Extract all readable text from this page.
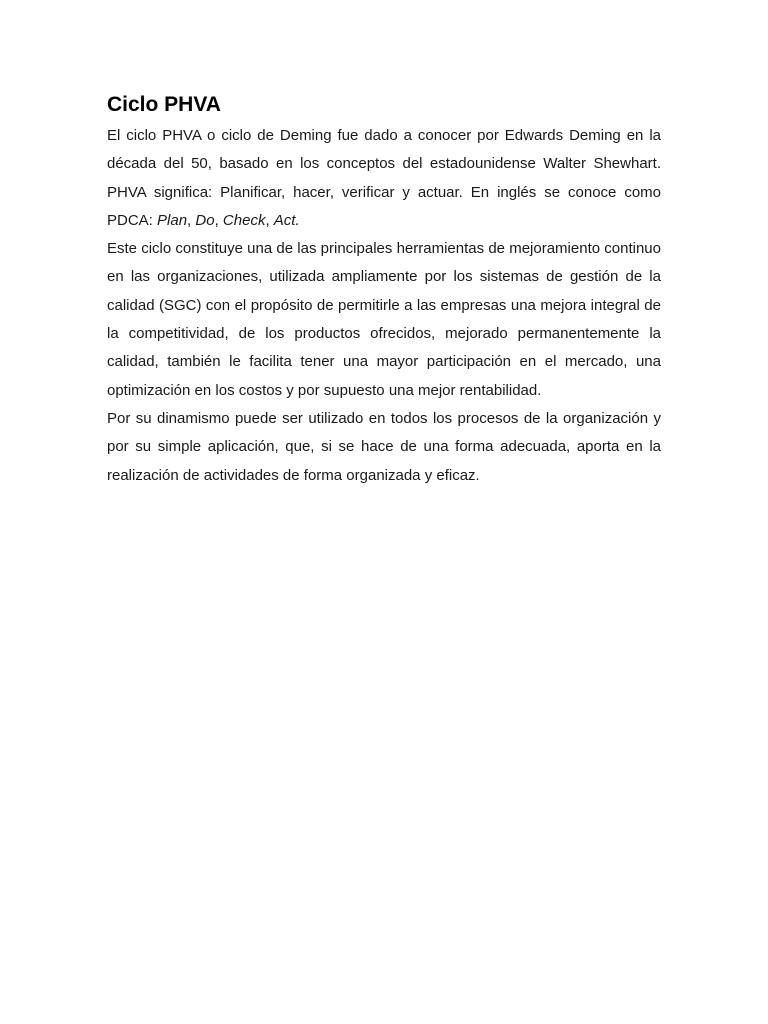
Ciclo PHVA

El ciclo PHVA o ciclo de Deming fue dado a conocer por Edwards Deming en la década del 50, basado en los conceptos del estadounidense Walter Shewhart. PHVA significa: Planificar, hacer, verificar y actuar. En inglés se conoce como PDCA: Plan, Do, Check, Act.

Este ciclo constituye una de las principales herramientas de mejoramiento continuo en las organizaciones, utilizada ampliamente por los sistemas de gestión de la calidad (SGC) con el propósito de permitirle a las empresas una mejora integral de la competitividad, de los productos ofrecidos, mejorado permanentemente la calidad, también le facilita tener una mayor participación en el mercado, una optimización en los costos y por supuesto una mejor rentabilidad.

Por su dinamismo puede ser utilizado en todos los procesos de la organización y por su simple aplicación, que, si se hace de una forma adecuada, aporta en la realización de actividades de forma organizada y eficaz.
